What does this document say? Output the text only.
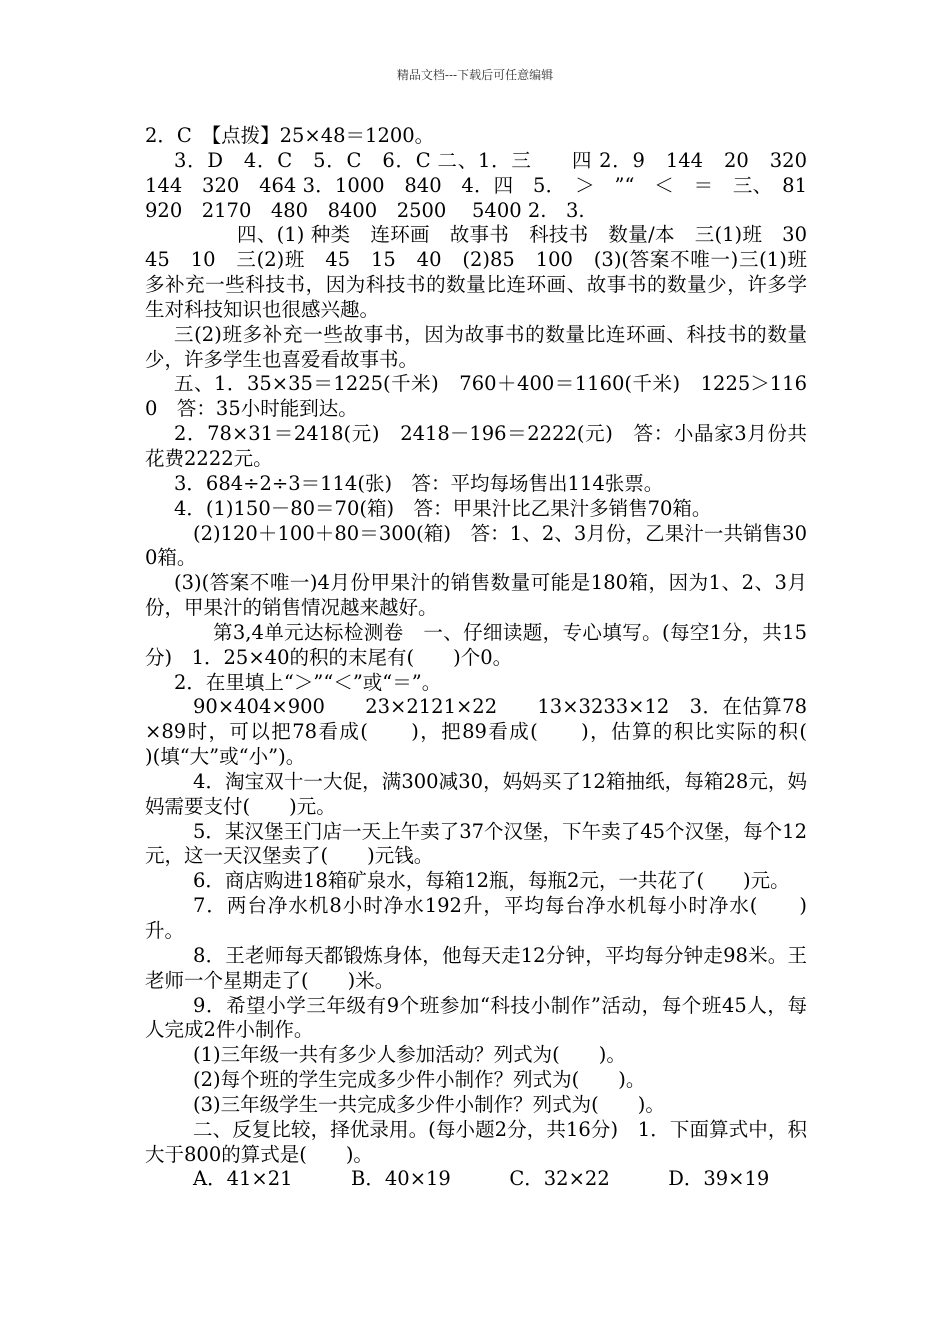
精品文档---下载后可任意编辑

2．C　【点拨】25×48＝1200。

3．D　4．C　5．C　6．C 二、1．三　　四 2．9　144　20　320　144　320　464 3．1000　840　4．四　5．　＞　”“　＜　＝　三、　81　920　2170　480　8400　2500　 5400 2.　3.

四、(1) 种类　连环画　故事书　科技书　数量/本　三(1)班　30　45　10　三(2)班　45　15　40　(2)85　100　(3)(答案不唯一)三(1)班多补充一些科技书，因为科技书的数量比连环画、故事书的数量少，许多学生对科技知识也很感兴趣。

三(2)班多补充一些故事书，因为故事书的数量比连环画、科技书的数量少，许多学生也喜爱看故事书。

五、1．35×35＝1225(千米)　760＋400＝1160(千米)　1225＞1160　答：35小时能到达。

2．78×31＝2418(元)　2418－196＝2222(元)　答：小晶家3月份共花费2222元。

3．684÷2÷3＝114(张)　答：平均每场售出114张票。

4．(1)150－80＝70(箱)　答：甲果汁比乙果汁多销售70箱。

(2)120＋100＋80＝300(箱)　答：1、2、3月份，乙果汁一共销售300箱。

(3)(答案不唯一)4月份甲果汁的销售数量可能是180箱，因为1、2、3月份，甲果汁的销售情况越来越好。

第3,4单元达标检测卷　一、仔细读题，专心填写。(每空1分，共15分)　1．25×40的积的末尾有(　　)个0。

2．在里填上“＞”“＜”或“＝”。

90×404×900　　23×2121×22　　13×3233×12　3．在估算78×89时，可以把78看成(　　)，把89看成(　　)，估算的积比实际的积(　　)(填“大”或“小”)。

4．淘宝双十一大促，满300减30，妈妈买了12箱抽纸，每箱28元，妈妈需要支付(　　)元。

5．某汉堡王门店一天上午卖了37个汉堡，下午卖了45个汉堡，每个12元，这一天汉堡卖了(　　)元钱。

6．商店购进18箱矿泉水，每箱12瓶，每瓶2元，一共花了(　　)元。

7．两台净水机8小时净水192升，平均每台净水机每小时净水(　　)升。

8．王老师每天都锻炼身体，他每天走12分钟，平均每分钟走98米。王老师一个星期走了(　　)米。

9．希望小学三年级有9个班参加“科技小制作”活动，每个班45人，每人完成2件小制作。

(1)三年级一共有多少人参加活动？列式为(　　)。

(2)每个班的学生完成多少件小制作？列式为(　　)。

(3)三年级学生一共完成多少件小制作？列式为(　　)。

二、反复比较，择优录用。(每小题2分，共16分)　1．下面算式中，积大于800的算式是(　　)。

A．41×21　　　B．40×19　　　C．32×22　　　D．39×19
